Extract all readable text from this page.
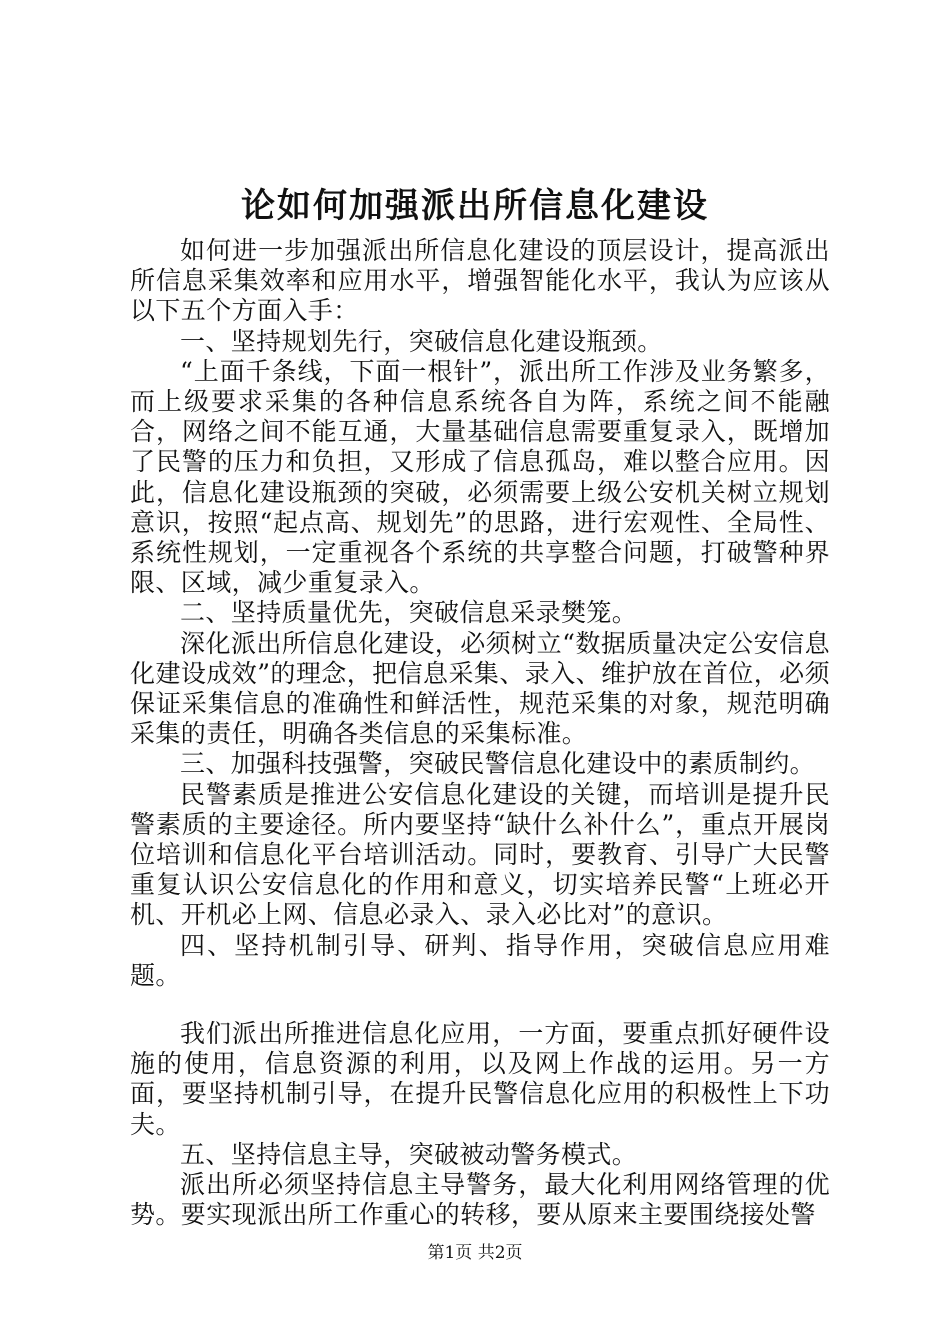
论如何加强派出所信息化建设

如何进一步加强派出所信息化建设的顶层设计，提高派出所信息采集效率和应用水平，增强智能化水平，我认为应该从以下五个方面入手：

一、坚持规划先行，突破信息化建设瓶颈。

“上面千条线，下面一根针”，派出所工作涉及业务繁多，而上级要求采集的各种信息系统各自为阵，系统之间不能融合，网络之间不能互通，大量基础信息需要重复录入，既增加了民警的压力和负担，又形成了信息孤岛，难以整合应用。因此，信息化建设瓶颈的突破，必须需要上级公安机关树立规划意识，按照“起点高、规划先”的思路，进行宏观性、全局性、系统性规划，一定重视各个系统的共享整合问题，打破警种界限、区域，减少重复录入。

二、坚持质量优先，突破信息采录樊笼。

深化派出所信息化建设，必须树立“数据质量决定公安信息化建设成效”的理念，把信息采集、录入、维护放在首位，必须保证采集信息的准确性和鲜活性，规范采集的对象，规范明确采集的责任，明确各类信息的采集标准。

三、加强科技强警，突破民警信息化建设中的素质制约。

民警素质是推进公安信息化建设的关键，而培训是提升民警素质的主要途径。所内要坚持“缺什么补什么”，重点开展岗位培训和信息化平台培训活动。同时，要教育、引导广大民警重复认识公安信息化的作用和意义，切实培养民警“上班必开机、开机必上网、信息必录入、录入必比对”的意识。

四、坚持机制引导、研判、指导作用，突破信息应用难题。

我们派出所推进信息化应用，一方面，要重点抓好硬件设施的使用，信息资源的利用，以及网上作战的运用。另一方面，要坚持机制引导，在提升民警信息化应用的积极性上下功夫。

五、坚持信息主导，突破被动警务模式。

派出所必须坚持信息主导警务，最大化利用网络管理的优势。要实现派出所工作重心的转移，要从原来主要围绕接处警

第1页 共2页
